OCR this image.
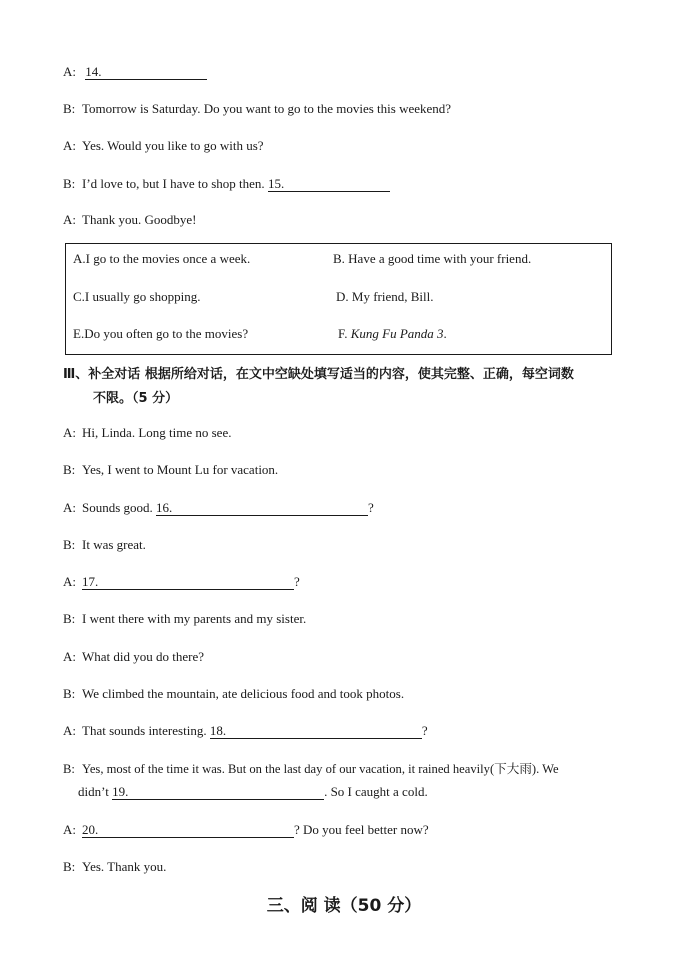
A: 14.
B: Tomorrow is Saturday. Do you want to go to the movies this weekend?
A: Yes. Would you like to go with us?
B: I’d love to, but I have to shop then. 15.
A: Thank you. Goodbye!
A.I go to the movies once a week.	B. Have a good time with your friend.
C.I usually go shopping.	D. My friend, Bill.
E.Do you often go to the movies?	F. Kung Fu Panda 3.
Ⅲ、补全对话 根据所给对话，在文中空缺处填写适当的内容，使其完整、正确，每空词数
不限。（5 分）
A: Hi, Linda. Long time no see.
B: Yes, I went to Mount Lu for vacation.
A: Sounds good. 16.	?
B: It was great.
A: 17.	?
B: I went there with my parents and my sister.
A: What did you do there?
B: We climbed the mountain, ate delicious food and took photos.
A: That sounds interesting. 18.	?
B: Yes, most of the time it was. But on the last day of our vacation, it rained heavily(下大雨). We
didn’t 19.	. So I caught a cold.
A: 20.	? Do you feel better now?
B: Yes. Thank you.
三、阅 读（50 分）
